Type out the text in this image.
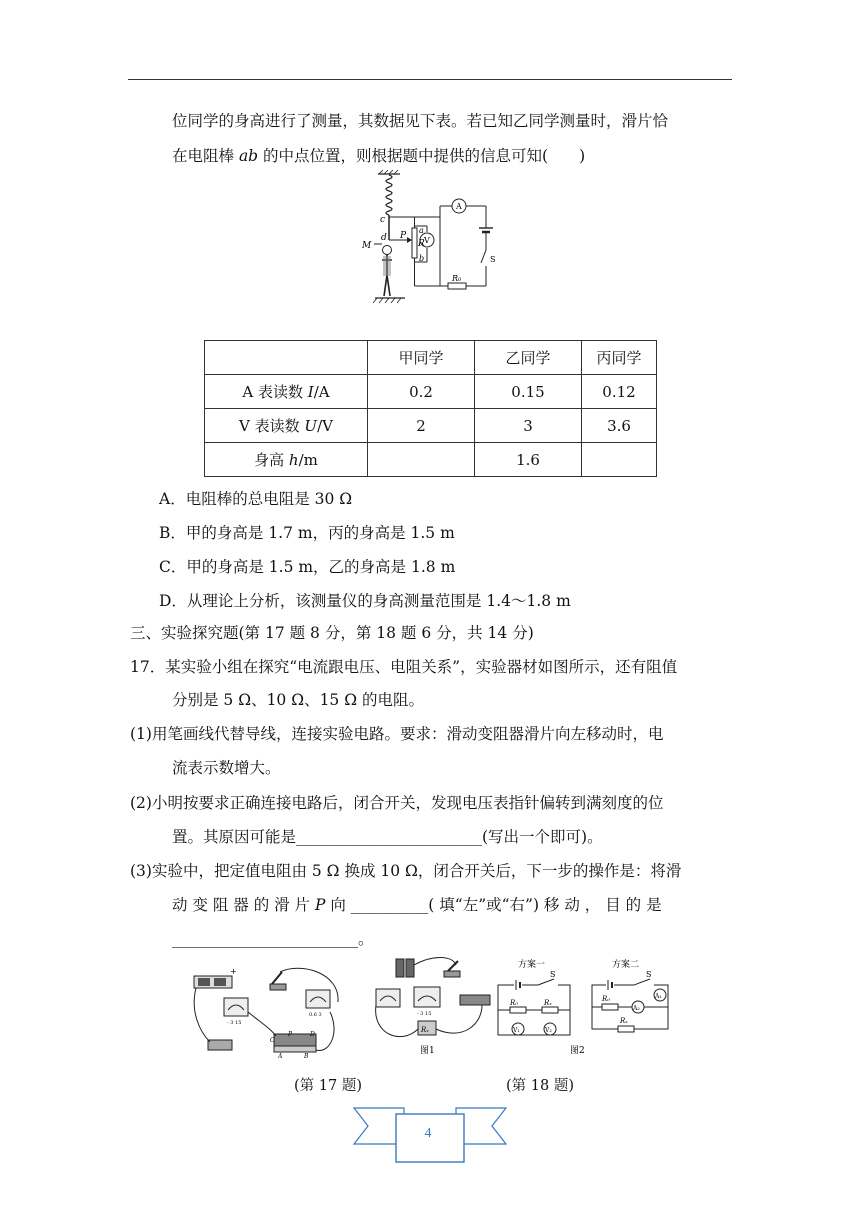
位同学的身高进行了测量，其数据见下表。若已知乙同学测量时，滑片恰
在电阻棒 ab 的中点位置，则根据题中提供的信息可知(　　)
c
d
M
P
a
R
b
A
V
S
R₀
	甲同学	乙同学	丙同学
A 表读数 I/A	0.2	0.15	0.12
V 表读数 U/V	2	3	3.6
身高 h/m		1.6	
A．电阻棒的总电阻是 30 Ω
B．甲的身高是 1.7 m，丙的身高是 1.5 m
C．甲的身高是 1.5 m，乙的身高是 1.8 m
D．从理论上分析，该测量仪的身高测量范围是 1.4～1.8 m
三、实验探究题(第 17 题 8 分，第 18 题 6 分，共 14 分)
17．某实验小组在探究“电流跟电压、电阻关系”，实验器材如图所示，还有阻值
分别是 5 Ω、10 Ω、15 Ω 的电阻。
(1)用笔画线代替导线，连接实验电路。要求：滑动变阻器滑片向左移动时，电
流表示数增大。
(2)小明按要求正确连接电路后，闭合开关，发现电压表指针偏转到满刻度的位
置。其原因可能是________________________(写出一个即可)。
(3)实验中，把定值电阻由 5 Ω 换成 10 Ω，闭合开关后，下一步的操作是：将滑
动 变 阻 器 的 滑 片 P 向 __________( 填“左”或“右”) 移 动 ， 目 的 是
________________________。
+
- 3 15
0.6 3
C
P	D
A	B
- 3 15
Rₓ
图1
方案一
S
R₀	Rₓ
V₁	V₂
方案二
S
R₀
A₂
A₁
Rₓ
图2
(第 17 题)	(第 18 题)
4
